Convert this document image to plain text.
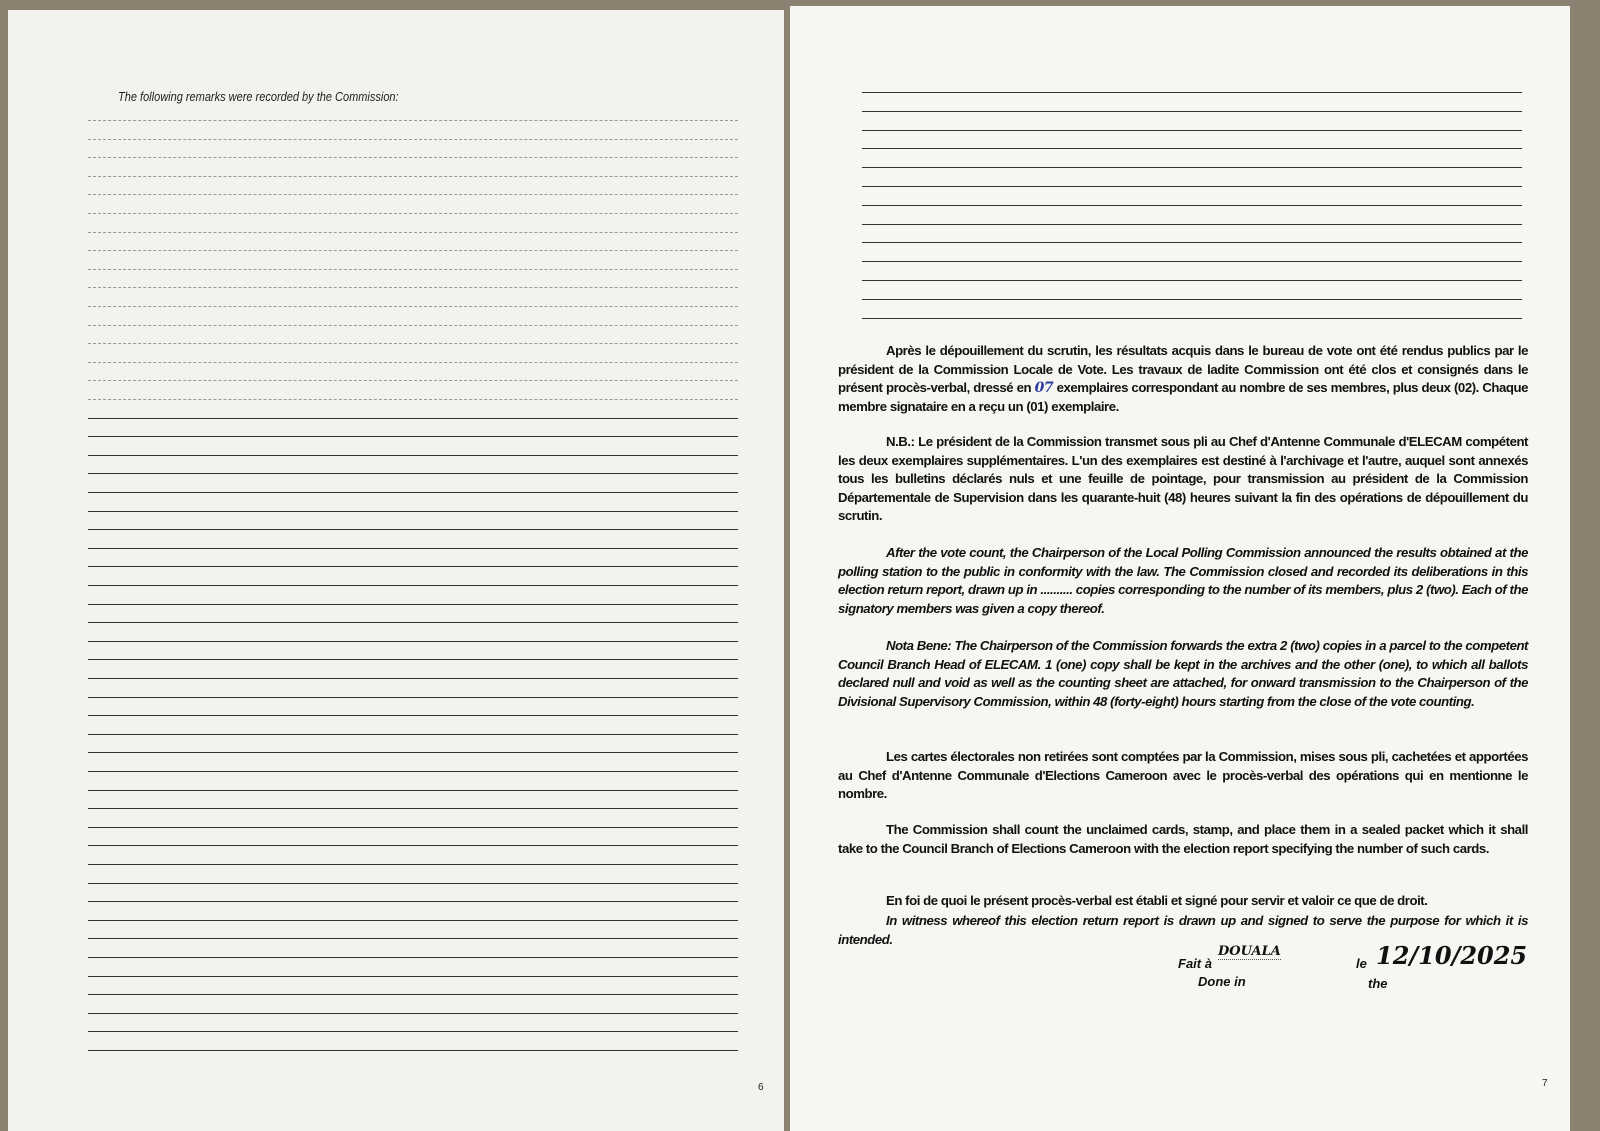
The following remarks were recorded by the Commission:
6
Après le dépouillement du scrutin, les résultats acquis dans le bureau de vote ont été rendus publics par le président de la Commission Locale de Vote. Les travaux de ladite Commission ont été clos et consignés dans le présent procès-verbal, dressé en 07 exemplaires correspondant au nombre de ses membres, plus deux (02). Chaque membre signataire en a reçu un (01) exemplaire.
N.B.: Le président de la Commission transmet sous pli au Chef d'Antenne Communale d'ELECAM compétent les deux exemplaires supplémentaires. L'un des exemplaires est destiné à l'archivage et l'autre, auquel sont annexés tous les bulletins déclarés nuls et une feuille de pointage, pour transmission au président de la Commission Départementale de Supervision dans les quarante-huit (48) heures suivant la fin des opérations de dépouillement du scrutin.
After the vote count, the Chairperson of the Local Polling Commission announced the results obtained at the polling station to the public in conformity with the law. The Commission closed and recorded its deliberations in this election return report, drawn up in .......... copies corresponding to the number of its members, plus 2 (two). Each of the signatory members was given a copy thereof.
Nota Bene: The Chairperson of the Commission forwards the extra 2 (two) copies in a parcel to the competent Council Branch Head of ELECAM. 1 (one) copy shall be kept in the archives and the other (one), to which all ballots declared null and void as well as the counting sheet are attached, for onward transmission to the Chairperson of the Divisional Supervisory Commission, within 48 (forty-eight) hours starting from the close of the vote counting.
Les cartes électorales non retirées sont comptées par la Commission, mises sous pli, cachetées et apportées au Chef d'Antenne Communale d'Elections Cameroon avec le procès-verbal des opérations qui en mentionne le nombre.
The Commission shall count the unclaimed cards, stamp, and place them in a sealed packet which it shall take to the Council Branch of Elections Cameroon with the election report specifying the number of such cards.
En foi de quoi le présent procès-verbal est établi et signé pour servir et valoir ce que de droit.
In witness whereof this election return report is drawn up and signed to serve the purpose for which it is intended.
Fait à
Done in
DOUALA
le
the
12/10/2025
7
